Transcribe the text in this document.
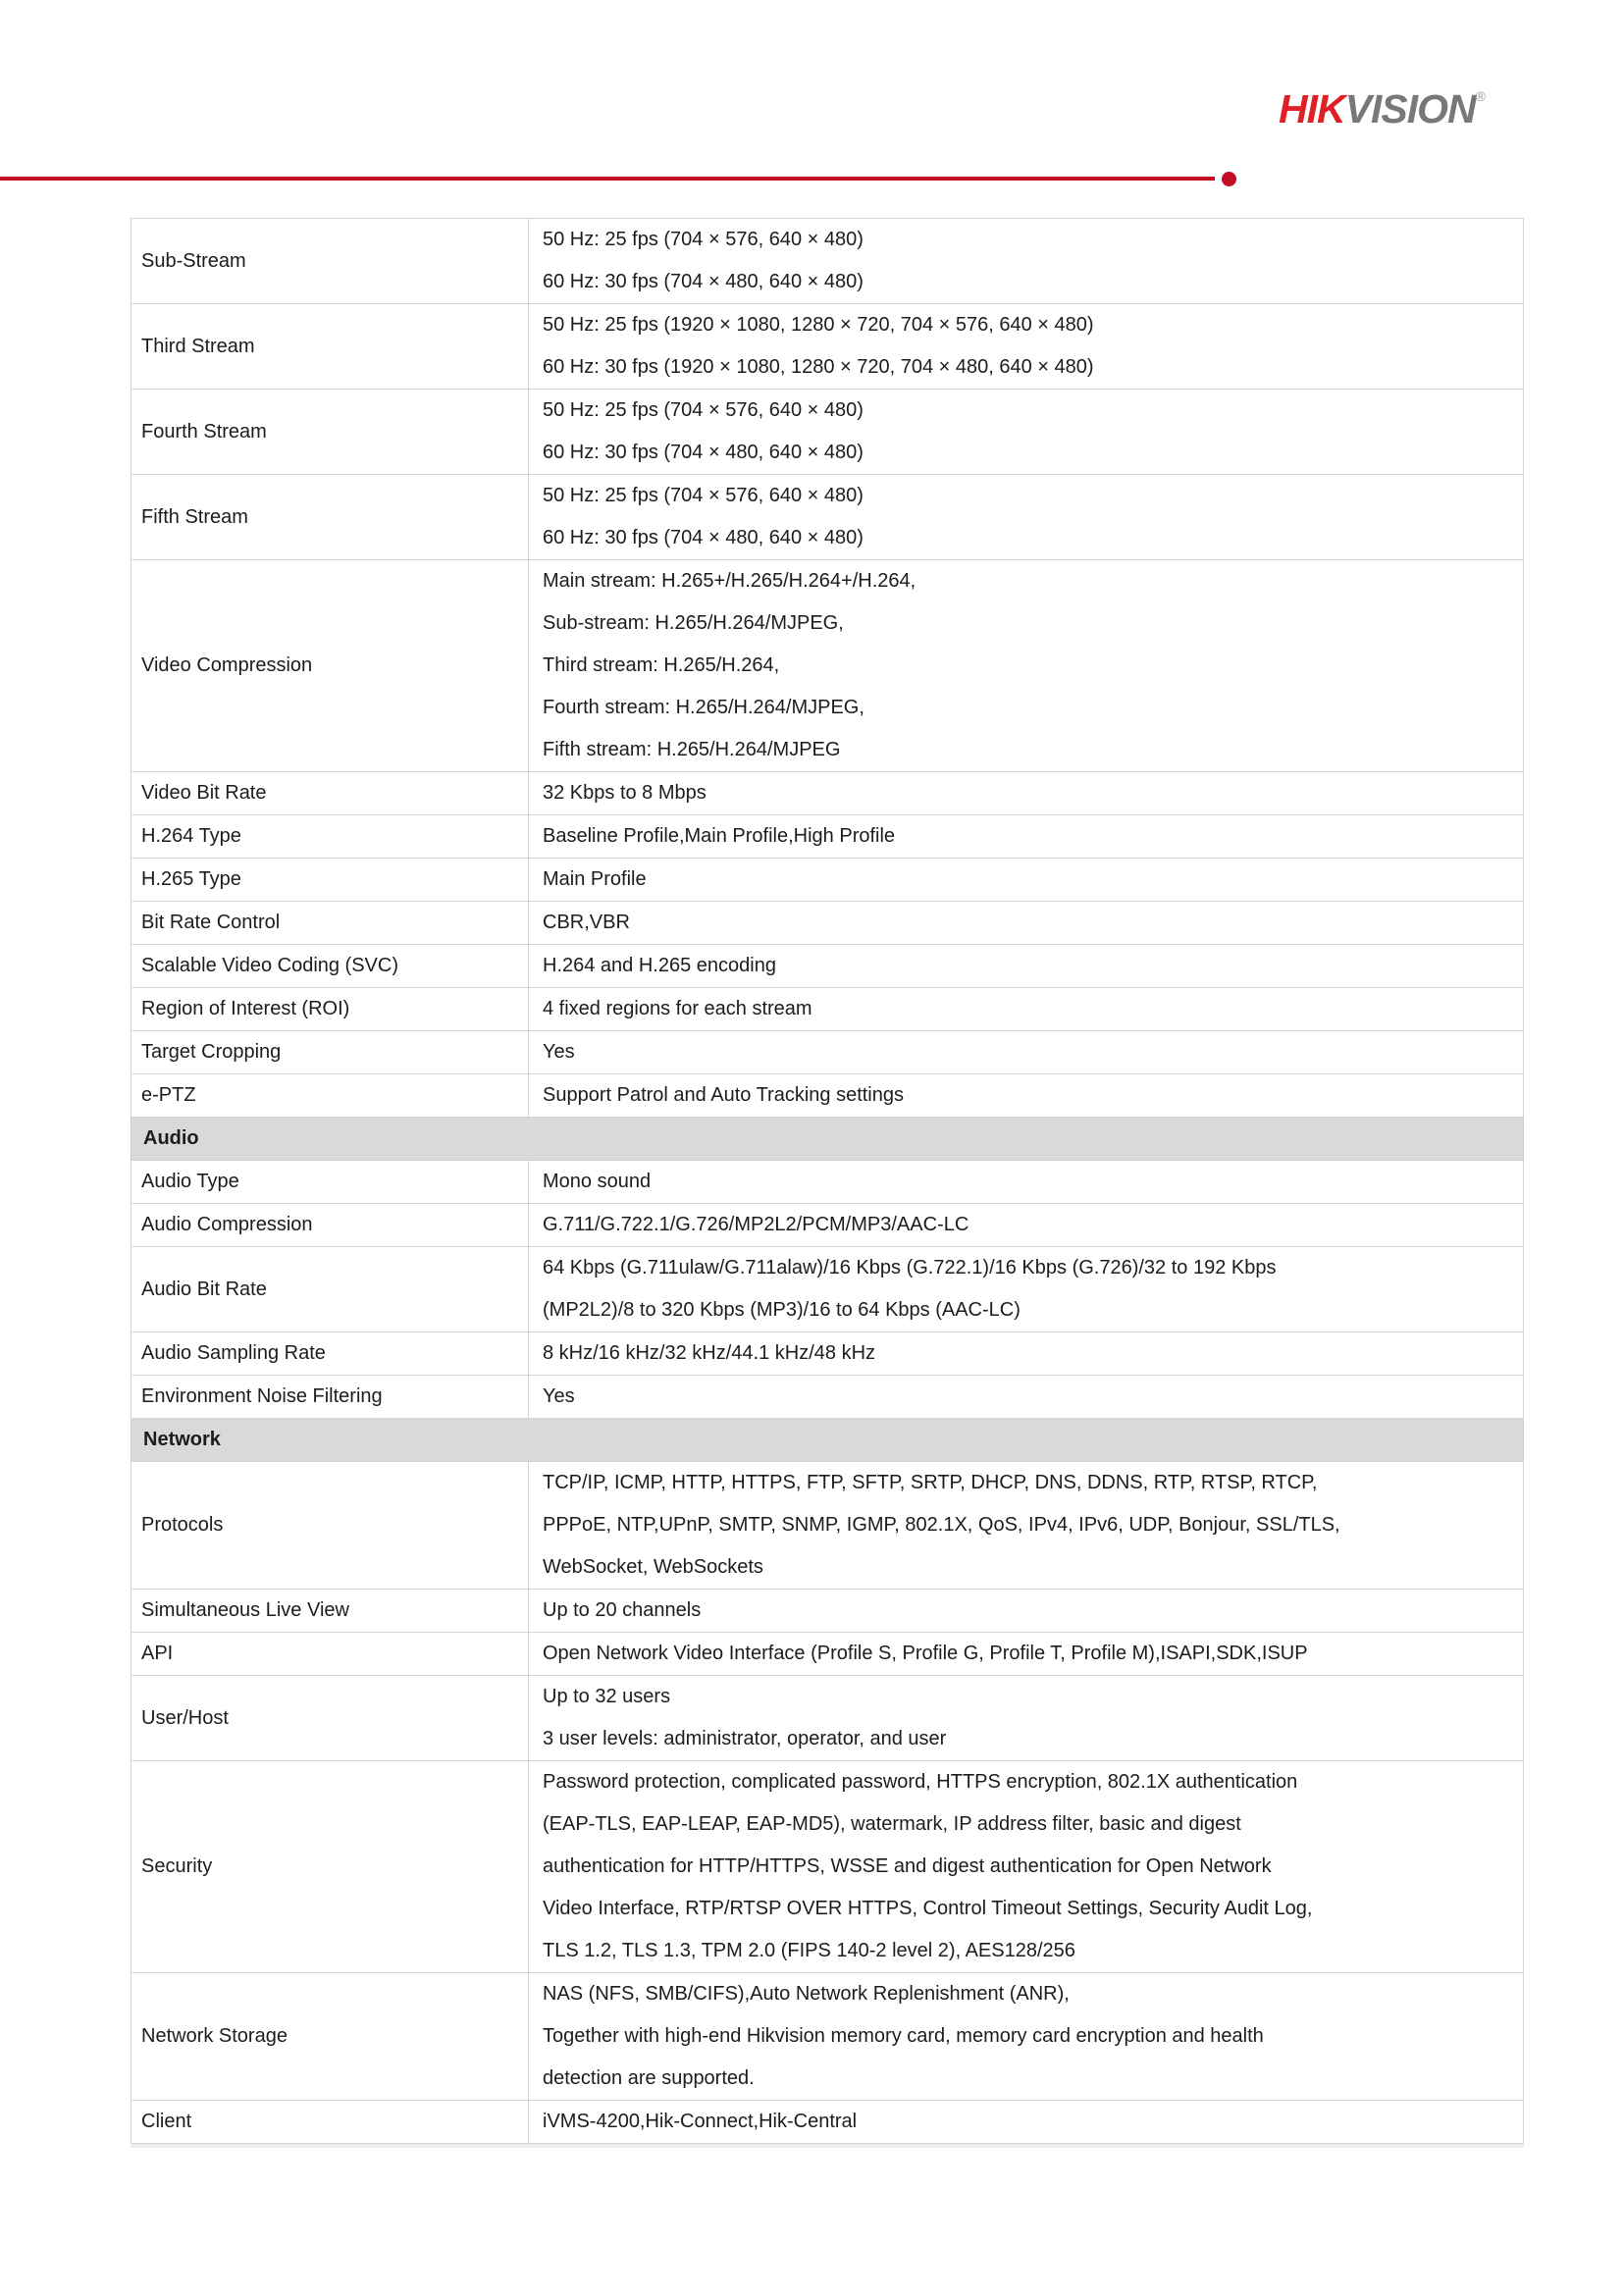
HIKVISION®
Sub-Stream	50 Hz: 25 fps (704 × 576, 640 × 480)
60 Hz: 30 fps (704 × 480, 640 × 480)

Third Stream	50 Hz: 25 fps (1920 × 1080, 1280 × 720, 704 × 576, 640 × 480)
60 Hz: 30 fps (1920 × 1080, 1280 × 720, 704 × 480, 640 × 480)

Fourth Stream	50 Hz: 25 fps (704 × 576, 640 × 480)
60 Hz: 30 fps (704 × 480, 640 × 480)

Fifth Stream	50 Hz: 25 fps (704 × 576, 640 × 480)
60 Hz: 30 fps (704 × 480, 640 × 480)

Video Compression	Main stream: H.265+/H.265/H.264+/H.264,
Sub-stream: H.265/H.264/MJPEG,
Third stream: H.265/H.264,
Fourth stream: H.265/H.264/MJPEG,
Fifth stream: H.265/H.264/MJPEG

Video Bit Rate	32 Kbps to 8 Mbps

H.264 Type	Baseline Profile,Main Profile,High Profile

H.265 Type	Main Profile

Bit Rate Control	CBR,VBR

Scalable Video Coding (SVC)	H.264 and H.265 encoding

Region of Interest (ROI)	4 fixed regions for each stream

Target Cropping	Yes

e-PTZ	Support Patrol and Auto Tracking settings

Audio	
Audio Type	Mono sound

Audio Compression	G.711/G.722.1/G.726/MP2L2/PCM/MP3/AAC-LC

Audio Bit Rate	64 Kbps (G.711ulaw/G.711alaw)/16 Kbps (G.722.1)/16 Kbps (G.726)/32 to 192 Kbps
(MP2L2)/8 to 320 Kbps (MP3)/16 to 64 Kbps (AAC-LC)

Audio Sampling Rate	8 kHz/16 kHz/32 kHz/44.1 kHz/48 kHz

Environment Noise Filtering	Yes

Network	
Protocols	TCP/IP, ICMP, HTTP, HTTPS, FTP, SFTP, SRTP, DHCP, DNS, DDNS, RTP, RTSP, RTCP,
PPPoE, NTP,UPnP, SMTP, SNMP, IGMP, 802.1X, QoS, IPv4, IPv6, UDP, Bonjour, SSL/TLS,
WebSocket, WebSockets

Simultaneous Live View	Up to 20 channels

API	Open Network Video Interface (Profile S, Profile G, Profile T, Profile M),ISAPI,SDK,ISUP

User/Host	Up to 32 users
3 user levels: administrator, operator, and user

Security	Password protection, complicated password, HTTPS encryption, 802.1X authentication
(EAP-TLS, EAP-LEAP, EAP-MD5), watermark, IP address filter, basic and digest
authentication for HTTP/HTTPS, WSSE and digest authentication for Open Network
Video Interface, RTP/RTSP OVER HTTPS, Control Timeout Settings, Security Audit Log,
TLS 1.2, TLS 1.3, TPM 2.0 (FIPS 140-2 level 2), AES128/256

Network Storage	NAS (NFS, SMB/CIFS),Auto Network Replenishment (ANR),
Together with high-end Hikvision memory card, memory card encryption and health
detection are supported.

Client	iVMS-4200,Hik-Connect,Hik-Central
